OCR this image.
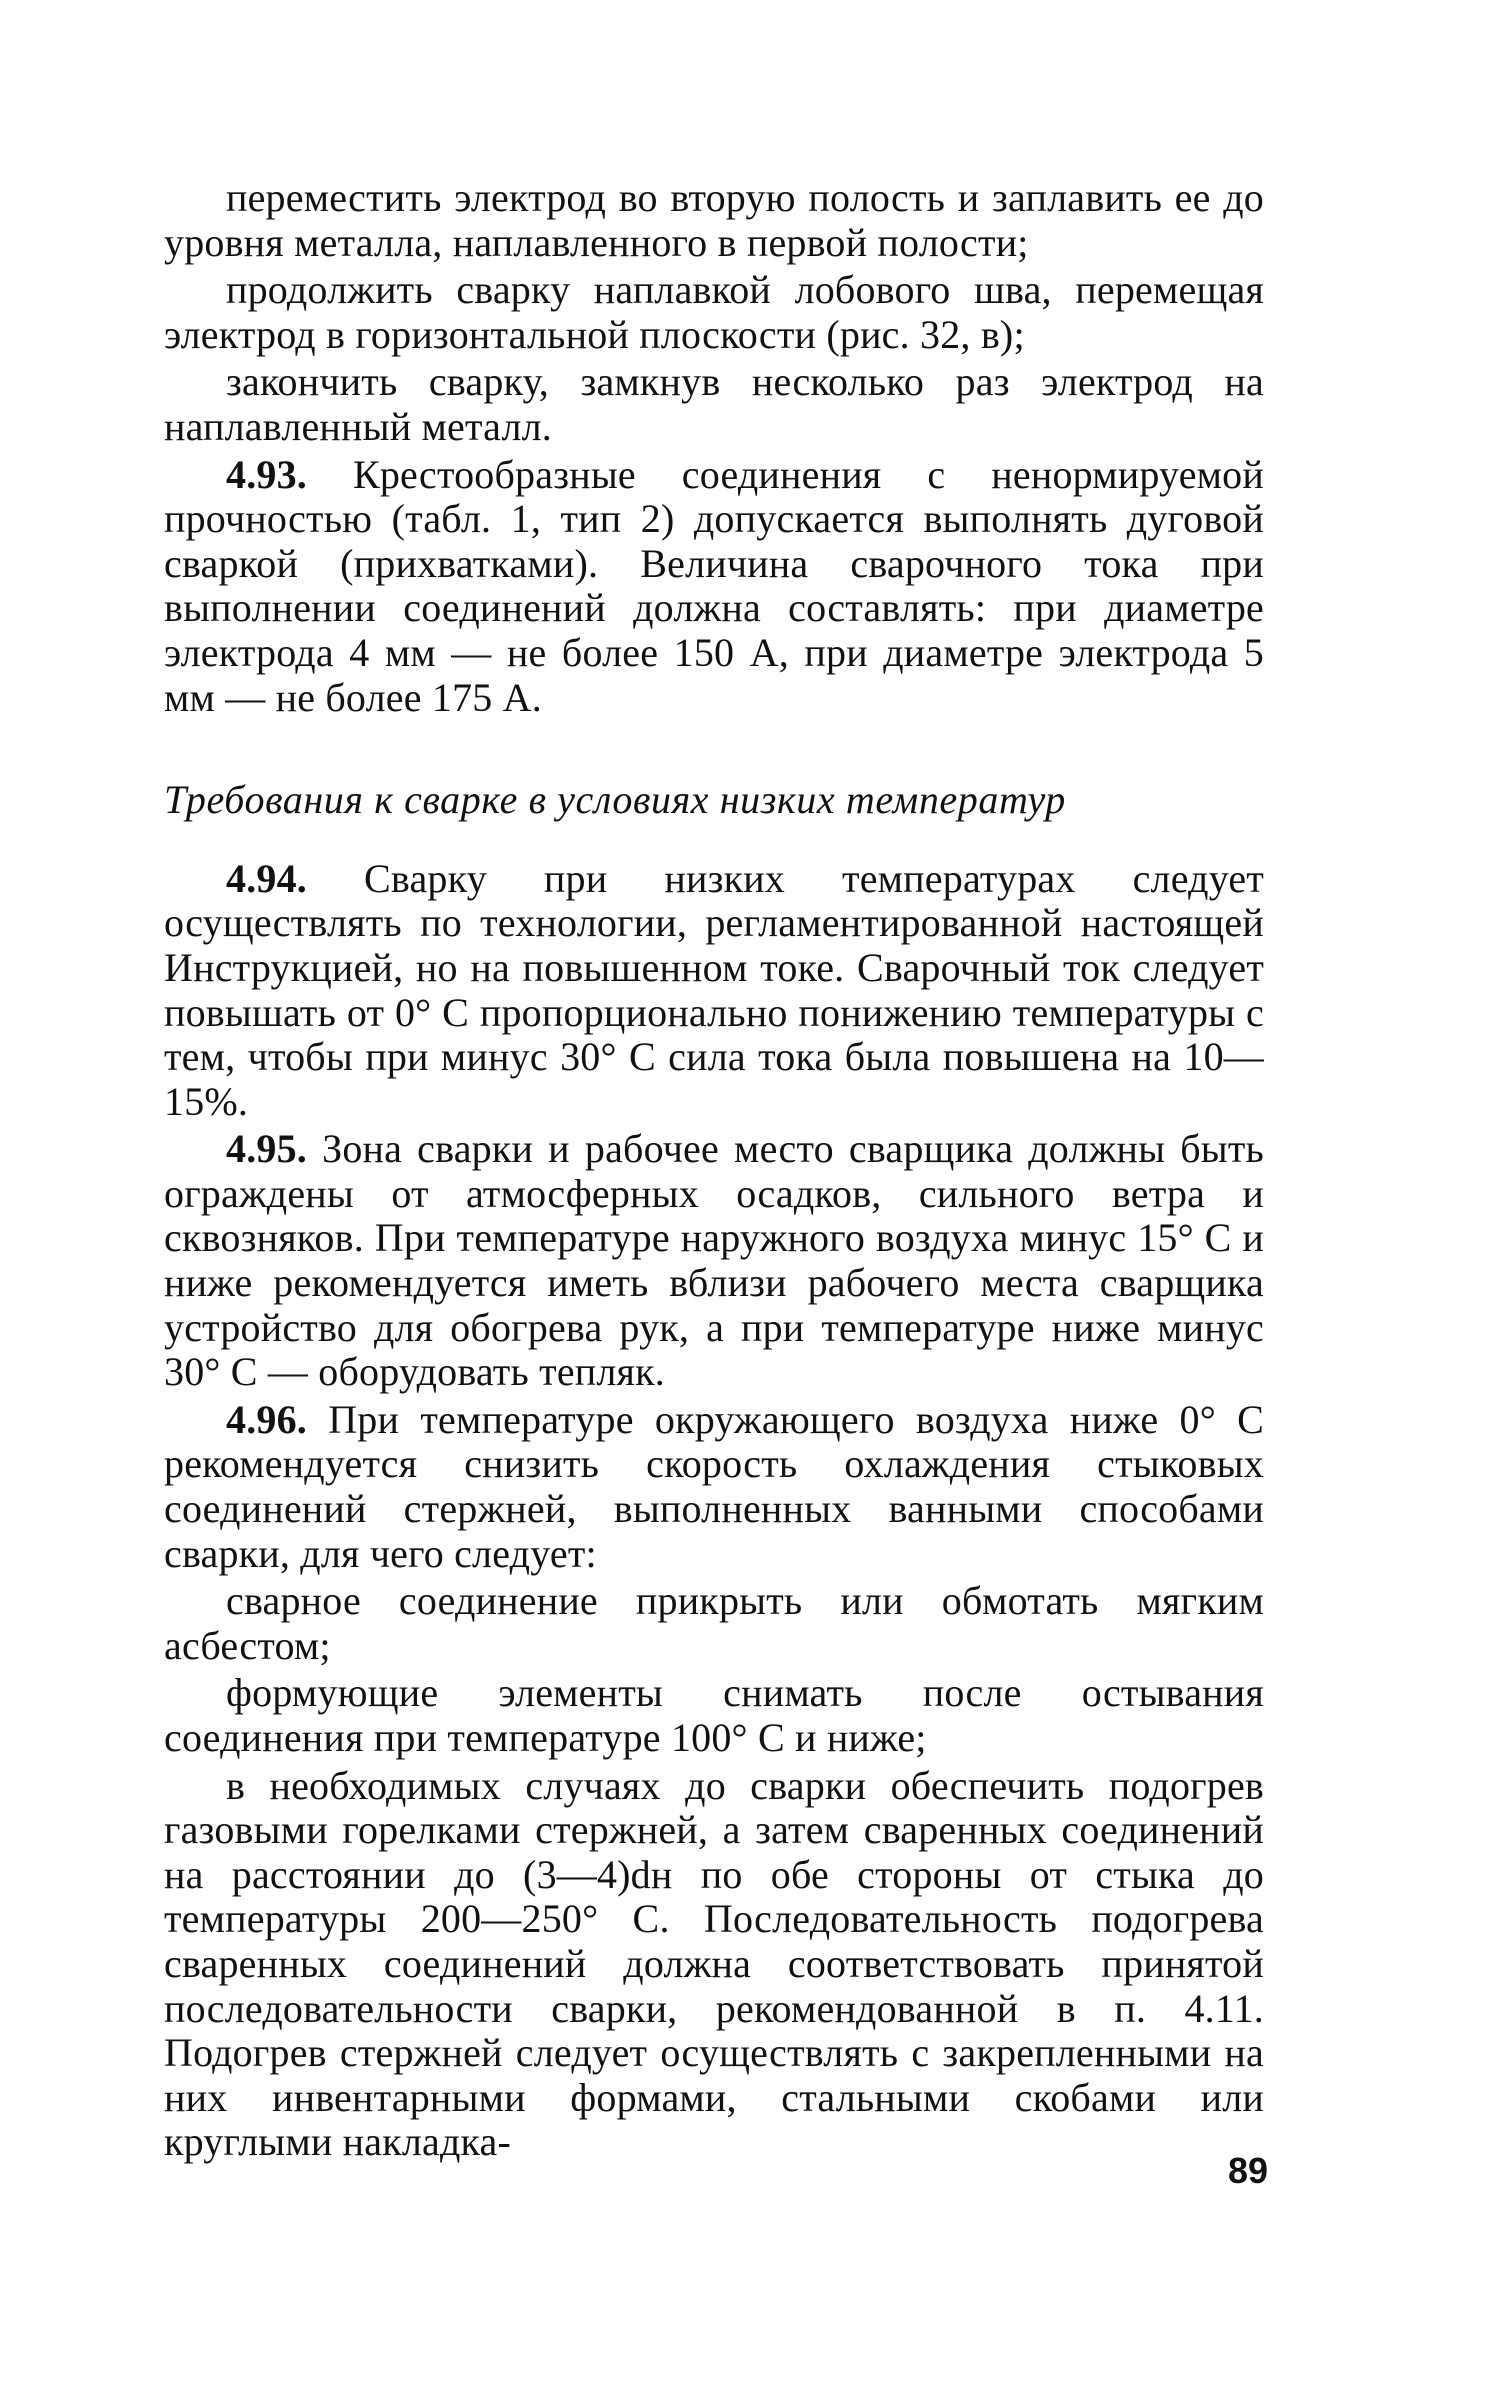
переместить электрод во вторую полость и заплавить ее до уровня металла, наплавленного в первой полости;

продолжить сварку наплавкой лобового шва, перемещая электрод в горизонтальной плоскости (рис. 32, в);

закончить сварку, замкнув несколько раз электрод на наплавленный металл.

4.93. Крестообразные соединения с ненормируемой прочностью (табл. 1, тип 2) допускается выполнять дуговой сваркой (прихватками). Величина сварочного тока при выполнении соединений должна составлять: при диаметре электрода 4 мм — не более 150 А, при диаметре электрода 5 мм — не более 175 А.

Требования к сварке в условиях низких температур

4.94. Сварку при низких температурах следует осуществлять по технологии, регламентированной настоящей Инструкцией, но на повышенном токе. Сварочный ток следует повышать от 0° С пропорционально понижению температуры с тем, чтобы при минус 30° С сила тока была повышена на 10—15%.

4.95. Зона сварки и рабочее место сварщика должны быть ограждены от атмосферных осадков, сильного ветра и сквозняков. При температуре наружного воздуха минус 15° С и ниже рекомендуется иметь вблизи рабочего места сварщика устройство для обогрева рук, а при температуре ниже минус 30° С — оборудовать тепляк.

4.96. При температуре окружающего воздуха ниже 0° С рекомендуется снизить скорость охлаждения стыковых соединений стержней, выполненных ванными способами сварки, для чего следует:

сварное соединение прикрыть или обмотать мягким асбестом;

формующие элементы снимать после остывания соединения при температуре 100° С и ниже;

в необходимых случаях до сварки обеспечить подогрев газовыми горелками стержней, а затем сваренных соединений на расстоянии до (3—4)dн по обе стороны от стыка до температуры 200—250° С. Последовательность подогрева сваренных соединений должна соответствовать принятой последовательности сварки, рекомендованной в п. 4.11. Подогрев стержней следует осуществлять с закрепленными на них инвентарными формами, стальными скобами или круглыми накладка-

89
